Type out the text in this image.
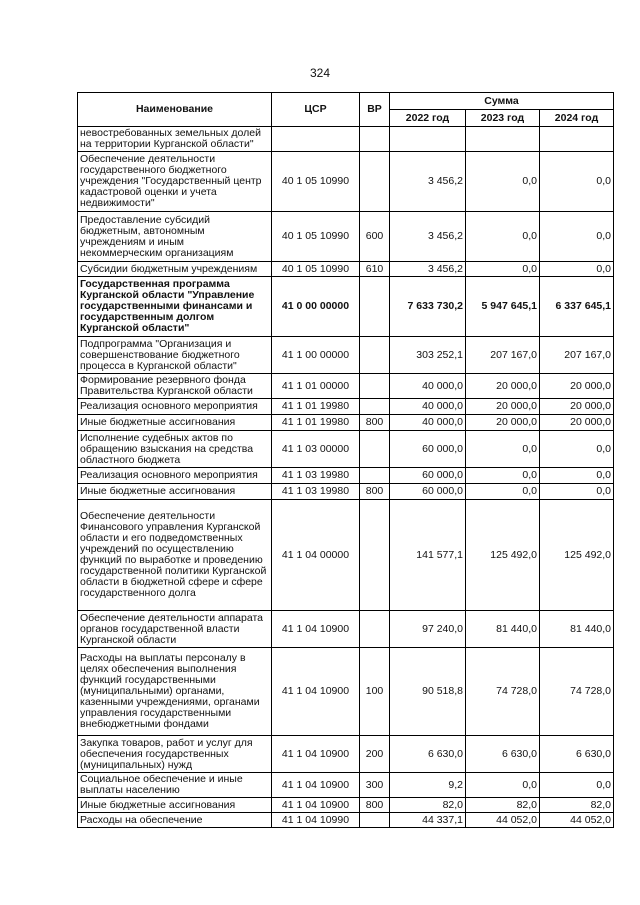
324
Наименование	ЦСР	ВР	Сумма		
			2022 год	2023 год	2024 год
невостребованных земельных долей на территории Курганской области"					
Обеспечение деятельности государственного бюджетного учреждения "Государственный центр кадастровой оценки и учета недвижимости"	40 1 05 10990		3 456,2	0,0	0,0
Предоставление субсидий бюджетным, автономным учреждениям и иным некоммерческим организациям	40 1 05 10990	600	3 456,2	0,0	0,0
Субсидии бюджетным учреждениям	40 1 05 10990	610	3 456,2	0,0	0,0
Государственная программа Курганской области "Управление государственными финансами и государственным долгом Курганской области"	41 0 00 00000		7 633 730,2	5 947 645,1	6 337 645,1
Подпрограмма "Организация и совершенствование бюджетного процесса в Курганской области"	41 1 00 00000		303 252,1	207 167,0	207 167,0
Формирование резервного фонда Правительства Курганской области	41 1 01 00000		40 000,0	20 000,0	20 000,0
Реализация основного мероприятия	41 1 01 19980		40 000,0	20 000,0	20 000,0
Иные бюджетные ассигнования	41 1 01 19980	800	40 000,0	20 000,0	20 000,0
Исполнение судебных актов по обращению взыскания на средства областного бюджета	41 1 03 00000		60 000,0	0,0	0,0
Реализация основного мероприятия	41 1 03 19980		60 000,0	0,0	0,0
Иные бюджетные ассигнования	41 1 03 19980	800	60 000,0	0,0	0,0
Обеспечение деятельности Финансового управления Курганской области и его подведомственных учреждений по осуществлению функций по выработке и проведению государственной политики Курганской области в бюджетной сфере и сфере государственного долга	41 1 04 00000		141 577,1	125 492,0	125 492,0
Обеспечение деятельности аппарата органов государственной власти Курганской области	41 1 04 10900		97 240,0	81 440,0	81 440,0
Расходы на выплаты персоналу в целях обеспечения выполнения функций государственными (муниципальными) органами, казенными учреждениями, органами управления государственными внебюджетными фондами	41 1 04 10900	100	90 518,8	74 728,0	74 728,0
Закупка товаров, работ и услуг для обеспечения государственных (муниципальных) нужд	41 1 04 10900	200	6 630,0	6 630,0	6 630,0
Социальное обеспечение и иные выплаты населению	41 1 04 10900	300	9,2	0,0	0,0
Иные бюджетные ассигнования	41 1 04 10900	800	82,0	82,0	82,0
Расходы на обеспечение	41 1 04 10990		44 337,1	44 052,0	44 052,0
